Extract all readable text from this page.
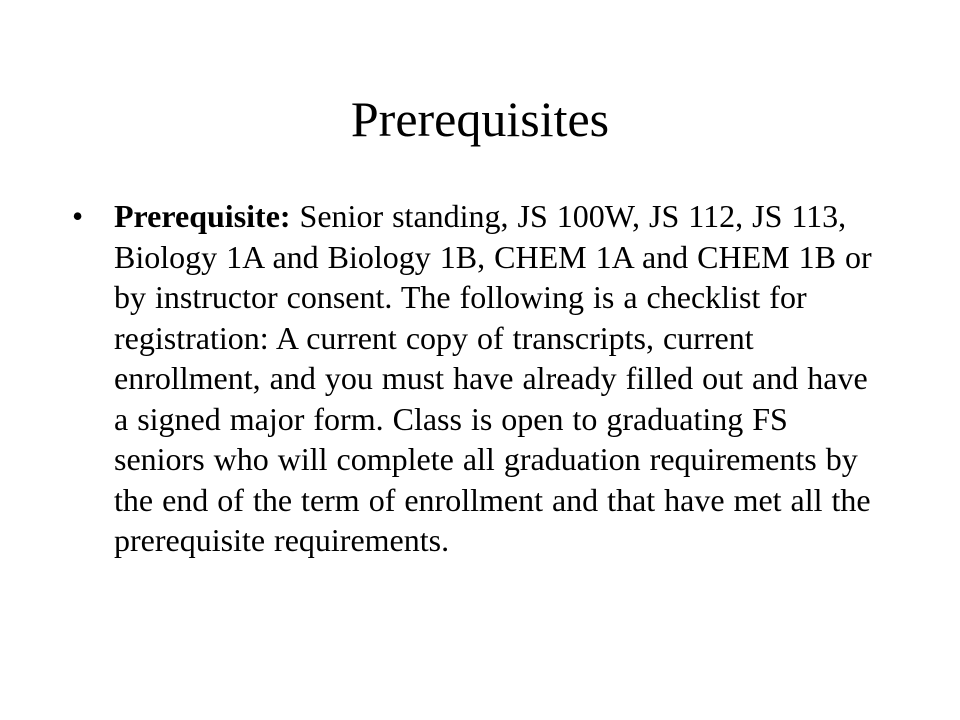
Prerequisites
• Prerequisite: Senior standing, JS 100W, JS 112, JS 113, Biology 1A and Biology 1B, CHEM 1A and CHEM 1B or by instructor consent. The following is a checklist for registration: A current copy of transcripts, current enrollment, and you must have already filled out and have a signed major form. Class is open to graduating FS seniors who will complete all graduation requirements by the end of the term of enrollment and that have met all the prerequisite requirements.
